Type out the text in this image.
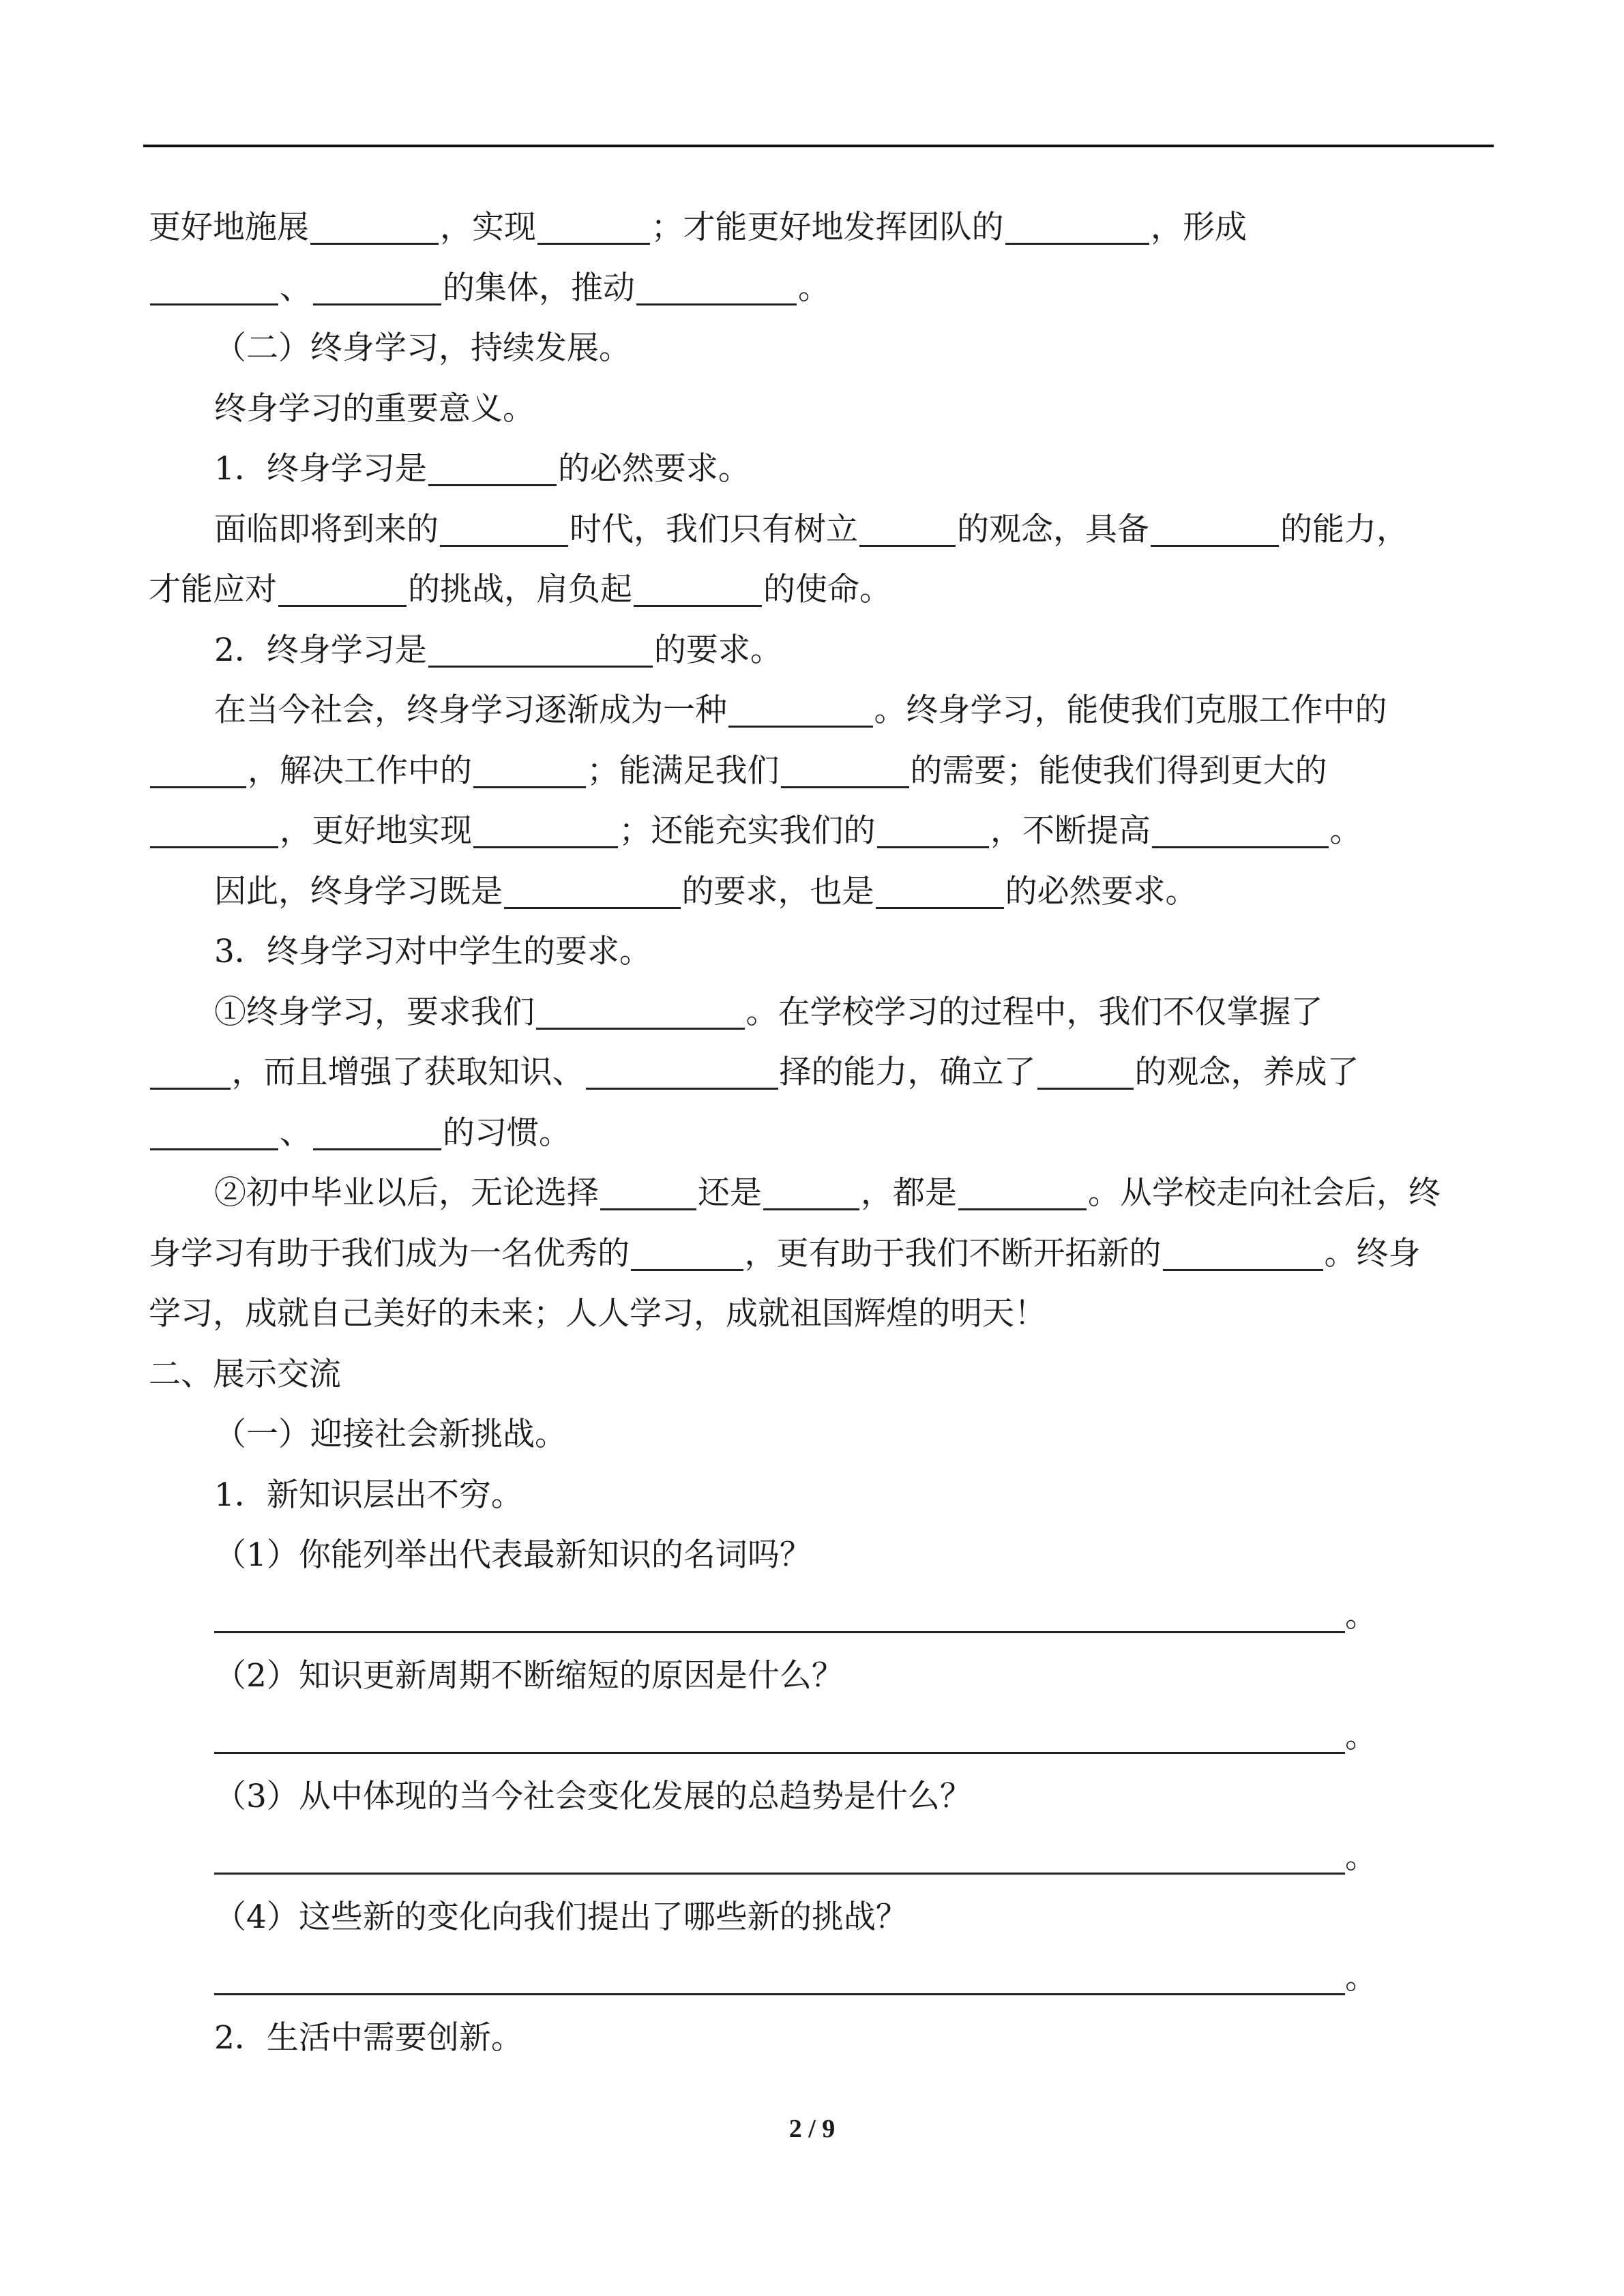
更好地施展	，实现	；才能更好地发挥团队的	，形成
、	的集体，推动	。
（二）终身学习，持续发展。
终身学习的重要意义。
1．终身学习是	的必然要求。
面临即将到来的	时代，我们只有树立	的观念，具备	的能力，
才能应对	的挑战，肩负起	的使命。
2．终身学习是	的要求。
在当今社会，终身学习逐渐成为一种	。终身学习，能使我们克服工作中的
，解决工作中的	；能满足我们	的需要；能使我们得到更大的
，更好地实现	；还能充实我们的	，不断提高	。
因此，终身学习既是	的要求，也是	的必然要求。
3．终身学习对中学生的要求。
①终身学习，要求我们	。在学校学习的过程中，我们不仅掌握了
，而且增强了获取知识、	择的能力，确立了	的观念，养成了
、	的习惯。
②初中毕业以后，无论选择	还是	，都是	。从学校走向社会后，终
身学习有助于我们成为一名优秀的	，更有助于我们不断开拓新的	。终身
学习，成就自己美好的未来；人人学习，成就祖国辉煌的明天！
二、展示交流
（一）迎接社会新挑战。
1．新知识层出不穷。
（1）你能列举出代表最新知识的名词吗？
。
（2）知识更新周期不断缩短的原因是什么？
。
（3）从中体现的当今社会变化发展的总趋势是什么？
。
（4）这些新的变化向我们提出了哪些新的挑战？
。
2．生活中需要创新。
2 / 9
